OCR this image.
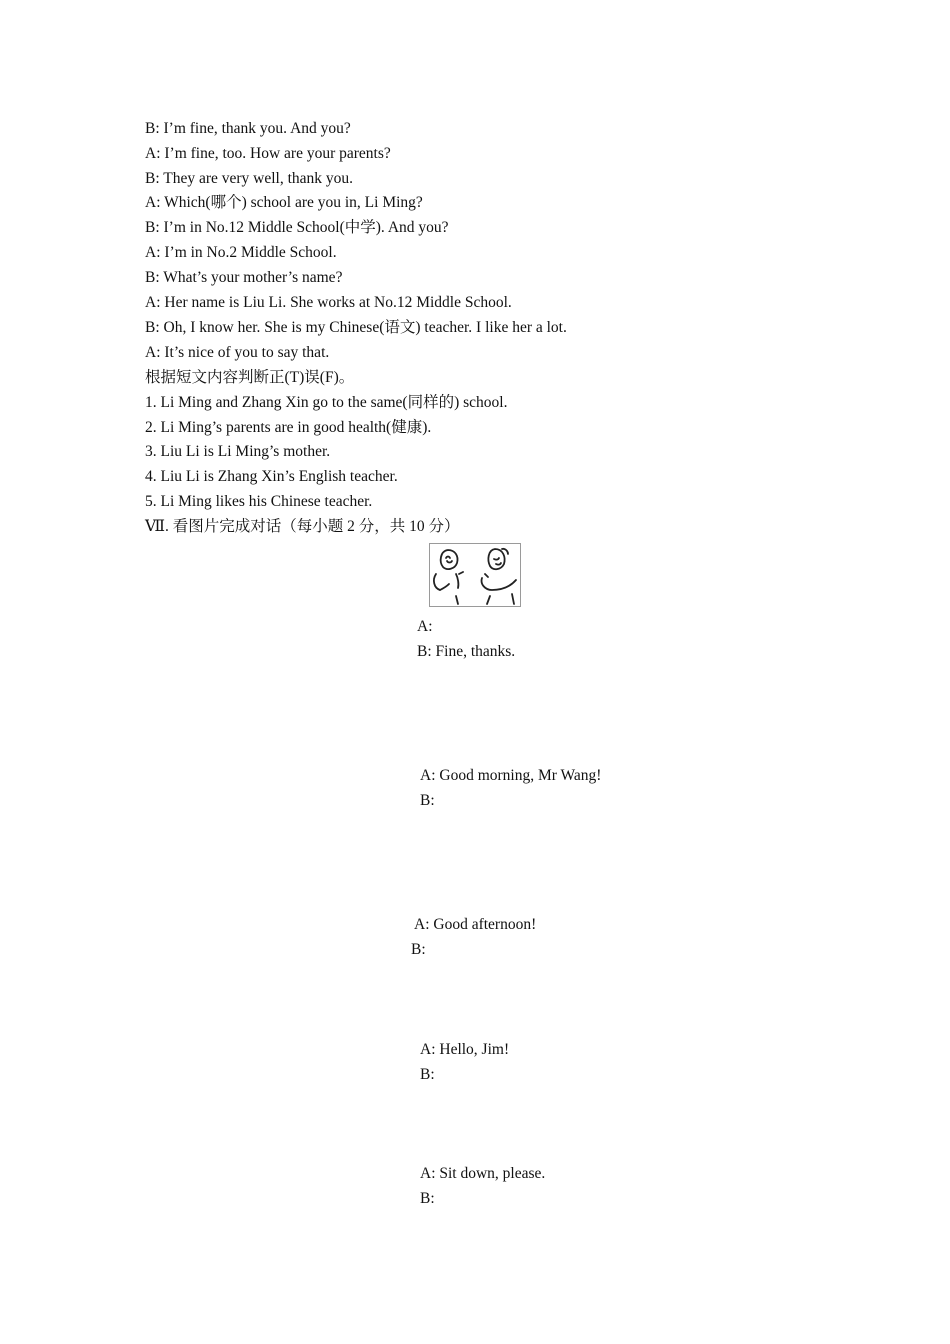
B: I’m fine, thank you. And you?
A: I’m fine, too. How are your parents?
B: They are very well, thank you.
A: Which(哪个) school are you in, Li Ming?
B: I’m in No.12 Middle School(中学). And you?
A: I’m in No.2 Middle School.
B: What’s your mother’s name?
A: Her name is Liu Li. She works at No.12 Middle School.
B: Oh, I know her. She is my Chinese(语文) teacher. I like her a lot.
A: It’s nice of you to say that.
根据短文内容判断正(T)误(F)。
1. Li Ming and Zhang Xin go to the same(同样的) school.
2. Li Ming’s parents are in good health(健康).
3. Liu Li is Li Ming’s mother.
4. Liu Li is Zhang Xin’s English teacher.
5. Li Ming likes his Chinese teacher.
Ⅶ. 看图片完成对话（每小题 2 分，共 10 分）
A:
B: Fine, thanks.
A: Good morning, Mr Wang!
B:
A: Good afternoon!
B:
A: Hello, Jim!
B:
A: Sit down, please.
B:
